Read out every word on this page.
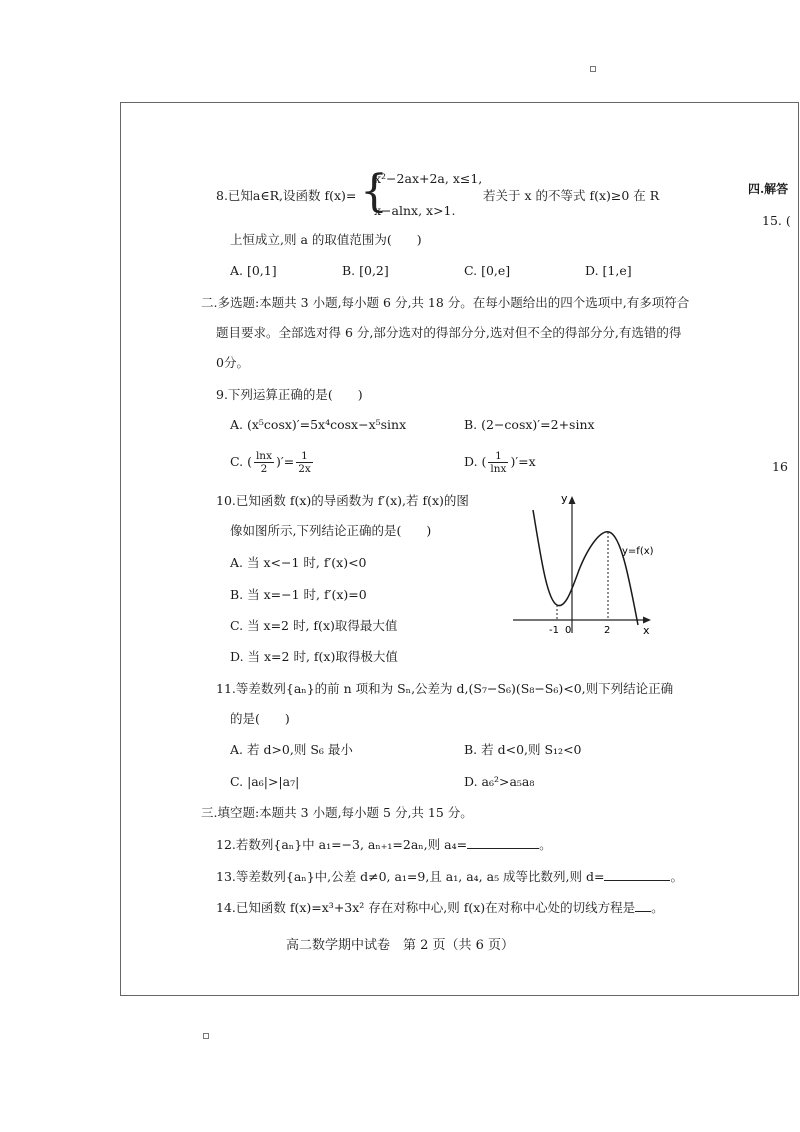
四.解答
15. (
16
8.已知a∈R,设函数 f(x)= {
x²−2ax+2a, x≤1,
x−alnx, x>1.
若关于 x 的不等式 f(x)≥0 在 R
上恒成立,则 a 的取值范围为(　　)
A. [0,1]	B. [0,2]	C. [0,e]	D. [1,e]
二.多选题:本题共 3 小题,每小题 6 分,共 18 分。在每小题给出的四个选项中,有多项符合
题目要求。全部选对得 6 分,部分选对的得部分分,选对但不全的得部分分,有选错的得
0分。
9.下列运算正确的是(　　)
A. (x⁵cosx)′=5x⁴cosx−x⁵sinx	B. (2−cosx)′=2+sinx
C. ( $\frac{\ln x}{2}$ )′= $\frac{1}{2x}$	D. ( $\frac{1}{\ln x} )'=x$
10.已知函数 f(x)的导函数为 f′(x),若 f(x)的图
像如图所示,下列结论正确的是(　　)
A. 当 x<−1 时, f′(x)<0
B. 当 x=−1 时, f′(x)=0
C. 当 x=2 时, f(x)取得最大值
D. 当 x=2 时, f(x)取得极大值
y
x
y=f(x)
-1 0	2
11.等差数列{aₙ}的前 n 项和为 Sₙ,公差为 d,(S₇−S₆)(S₈−S₆)<0,则下列结论正确
的是(　　)
A. 若 d>0,则 S₆ 最小	B. 若 d<0,则 S₁₂<0
C. |a₆|>|a₇|	D. a₆²>a₅a₈
三.填空题:本题共 3 小题,每小题 5 分,共 15 分。
12.若数列{aₙ}中 a₁=−3, aₙ₊₁=2aₙ,则 a₄=	。
13.等差数列{aₙ}中,公差 d≠0, a₁=9,且 a₁, a₄, a₅ 成等比数列,则 d=	。
14.已知函数 f(x)=x³+3x² 存在对称中心,则 f(x)在对称中心处的切线方程是 。
高二数学期中试卷　第 2 页（共 6 页）
